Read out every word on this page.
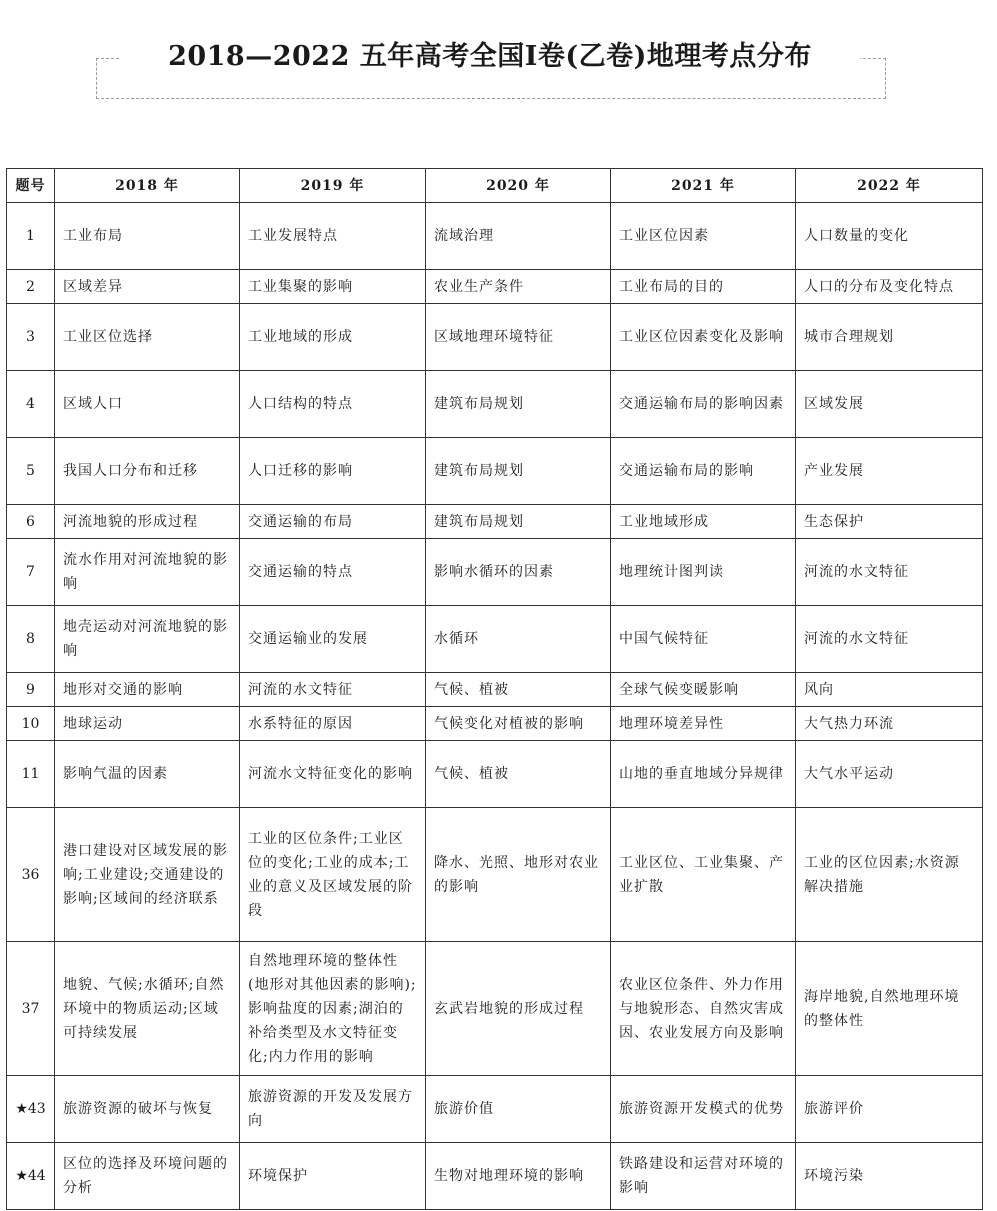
2018—2022 五年高考全国Ⅰ卷(乙卷)地理考点分布
题号	2018 年	2019 年	2020 年	2021 年	2022 年
1	工业布局	工业发展特点	流域治理	工业区位因素	人口数量的变化
2	区域差异	工业集聚的影响	农业生产条件	工业布局的目的	人口的分布及变化特点
3	工业区位选择	工业地域的形成	区域地理环境特征	工业区位因素变化及影响	城市合理规划
4	区域人口	人口结构的特点	建筑布局规划	交通运输布局的影响因素	区域发展
5	我国人口分布和迁移	人口迁移的影响	建筑布局规划	交通运输布局的影响	产业发展
6	河流地貌的形成过程	交通运输的布局	建筑布局规划	工业地域形成	生态保护
7	流水作用对河流地貌的影响	交通运输的特点	影响水循环的因素	地理统计图判读	河流的水文特征
8	地壳运动对河流地貌的影响	交通运输业的发展	水循环	中国气候特征	河流的水文特征
9	地形对交通的影响	河流的水文特征	气候、植被	全球气候变暖影响	风向
10	地球运动	水系特征的原因	气候变化对植被的影响	地理环境差异性	大气热力环流
11	影响气温的因素	河流水文特征变化的影响	气候、植被	山地的垂直地域分异规律	大气水平运动
36	港口建设对区域发展的影响;工业建设;交通建设的影响;区域间的经济联系	工业的区位条件;工业区位的变化;工业的成本;工业的意义及区域发展的阶段	降水、光照、地形对农业的影响	工业区位、工业集聚、产业扩散	工业的区位因素;水资源解决措施
37	地貌、气候;水循环;自然环境中的物质运动;区域可持续发展	自然地理环境的整体性(地形对其他因素的影响);影响盐度的因素;湖泊的补给类型及水文特征变化;内力作用的影响	玄武岩地貌的形成过程	农业区位条件、外力作用与地貌形态、自然灾害成因、农业发展方向及影响	海岸地貌,自然地理环境的整体性
★43	旅游资源的破坏与恢复	旅游资源的开发及发展方向	旅游价值	旅游资源开发模式的优势	旅游评价
★44	区位的选择及环境问题的分析	环境保护	生物对地理环境的影响	铁路建设和运营对环境的影响	环境污染
